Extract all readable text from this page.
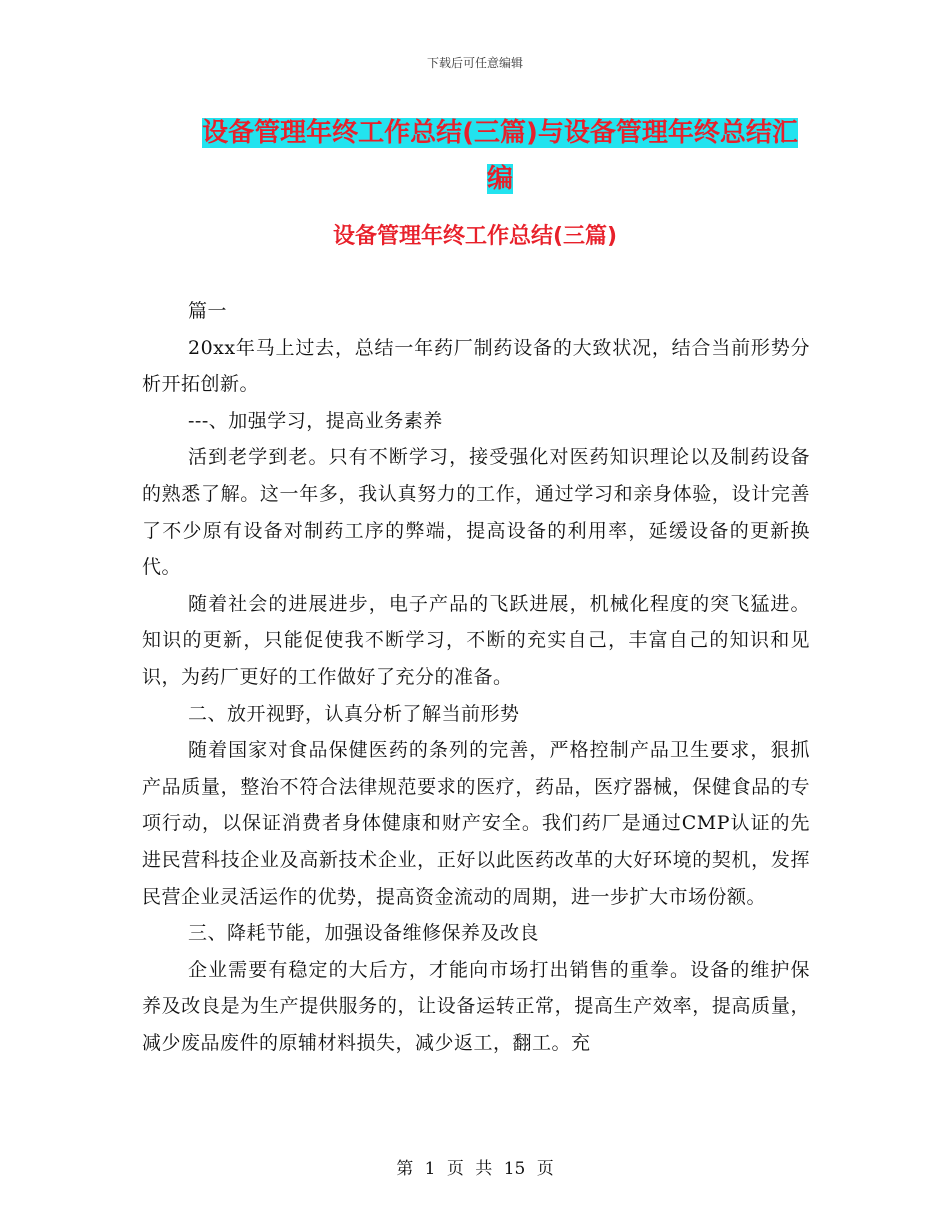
下载后可任意编辑
设备管理年终工作总结(三篇)与设备管理年终总结汇编
设备管理年终工作总结(三篇)

篇一

20xx年马上过去，总结一年药厂制药设备的大致状况，结合当前形势分析开拓创新。

---、加强学习，提高业务素养

活到老学到老。只有不断学习，接受强化对医药知识理论以及制药设备的熟悉了解。这一年多，我认真努力的工作，通过学习和亲身体验，设计完善了不少原有设备对制药工序的弊端，提高设备的利用率，延缓设备的更新换代。

随着社会的进展进步，电子产品的飞跃进展，机械化程度的突飞猛进。知识的更新，只能促使我不断学习，不断的充实自己，丰富自己的知识和见识，为药厂更好的工作做好了充分的准备。

二、放开视野，认真分析了解当前形势

随着国家对食品保健医药的条列的完善，严格控制产品卫生要求，狠抓产品质量，整治不符合法律规范要求的医疗，药品，医疗器械，保健食品的专项行动，以保证消费者身体健康和财产安全。我们药厂是通过CMP认证的先进民营科技企业及高新技术企业，正好以此医药改革的大好环境的契机，发挥民营企业灵活运作的优势，提高资金流动的周期，进一步扩大市场份额。

三、降耗节能，加强设备维修保养及改良

企业需要有稳定的大后方，才能向市场打出销售的重拳。设备的维护保养及改良是为生产提供服务的，让设备运转正常，提高生产效率，提高质量，减少废品废件的原辅材料损失，减少返工，翻工。充

第 1 页 共 15 页
